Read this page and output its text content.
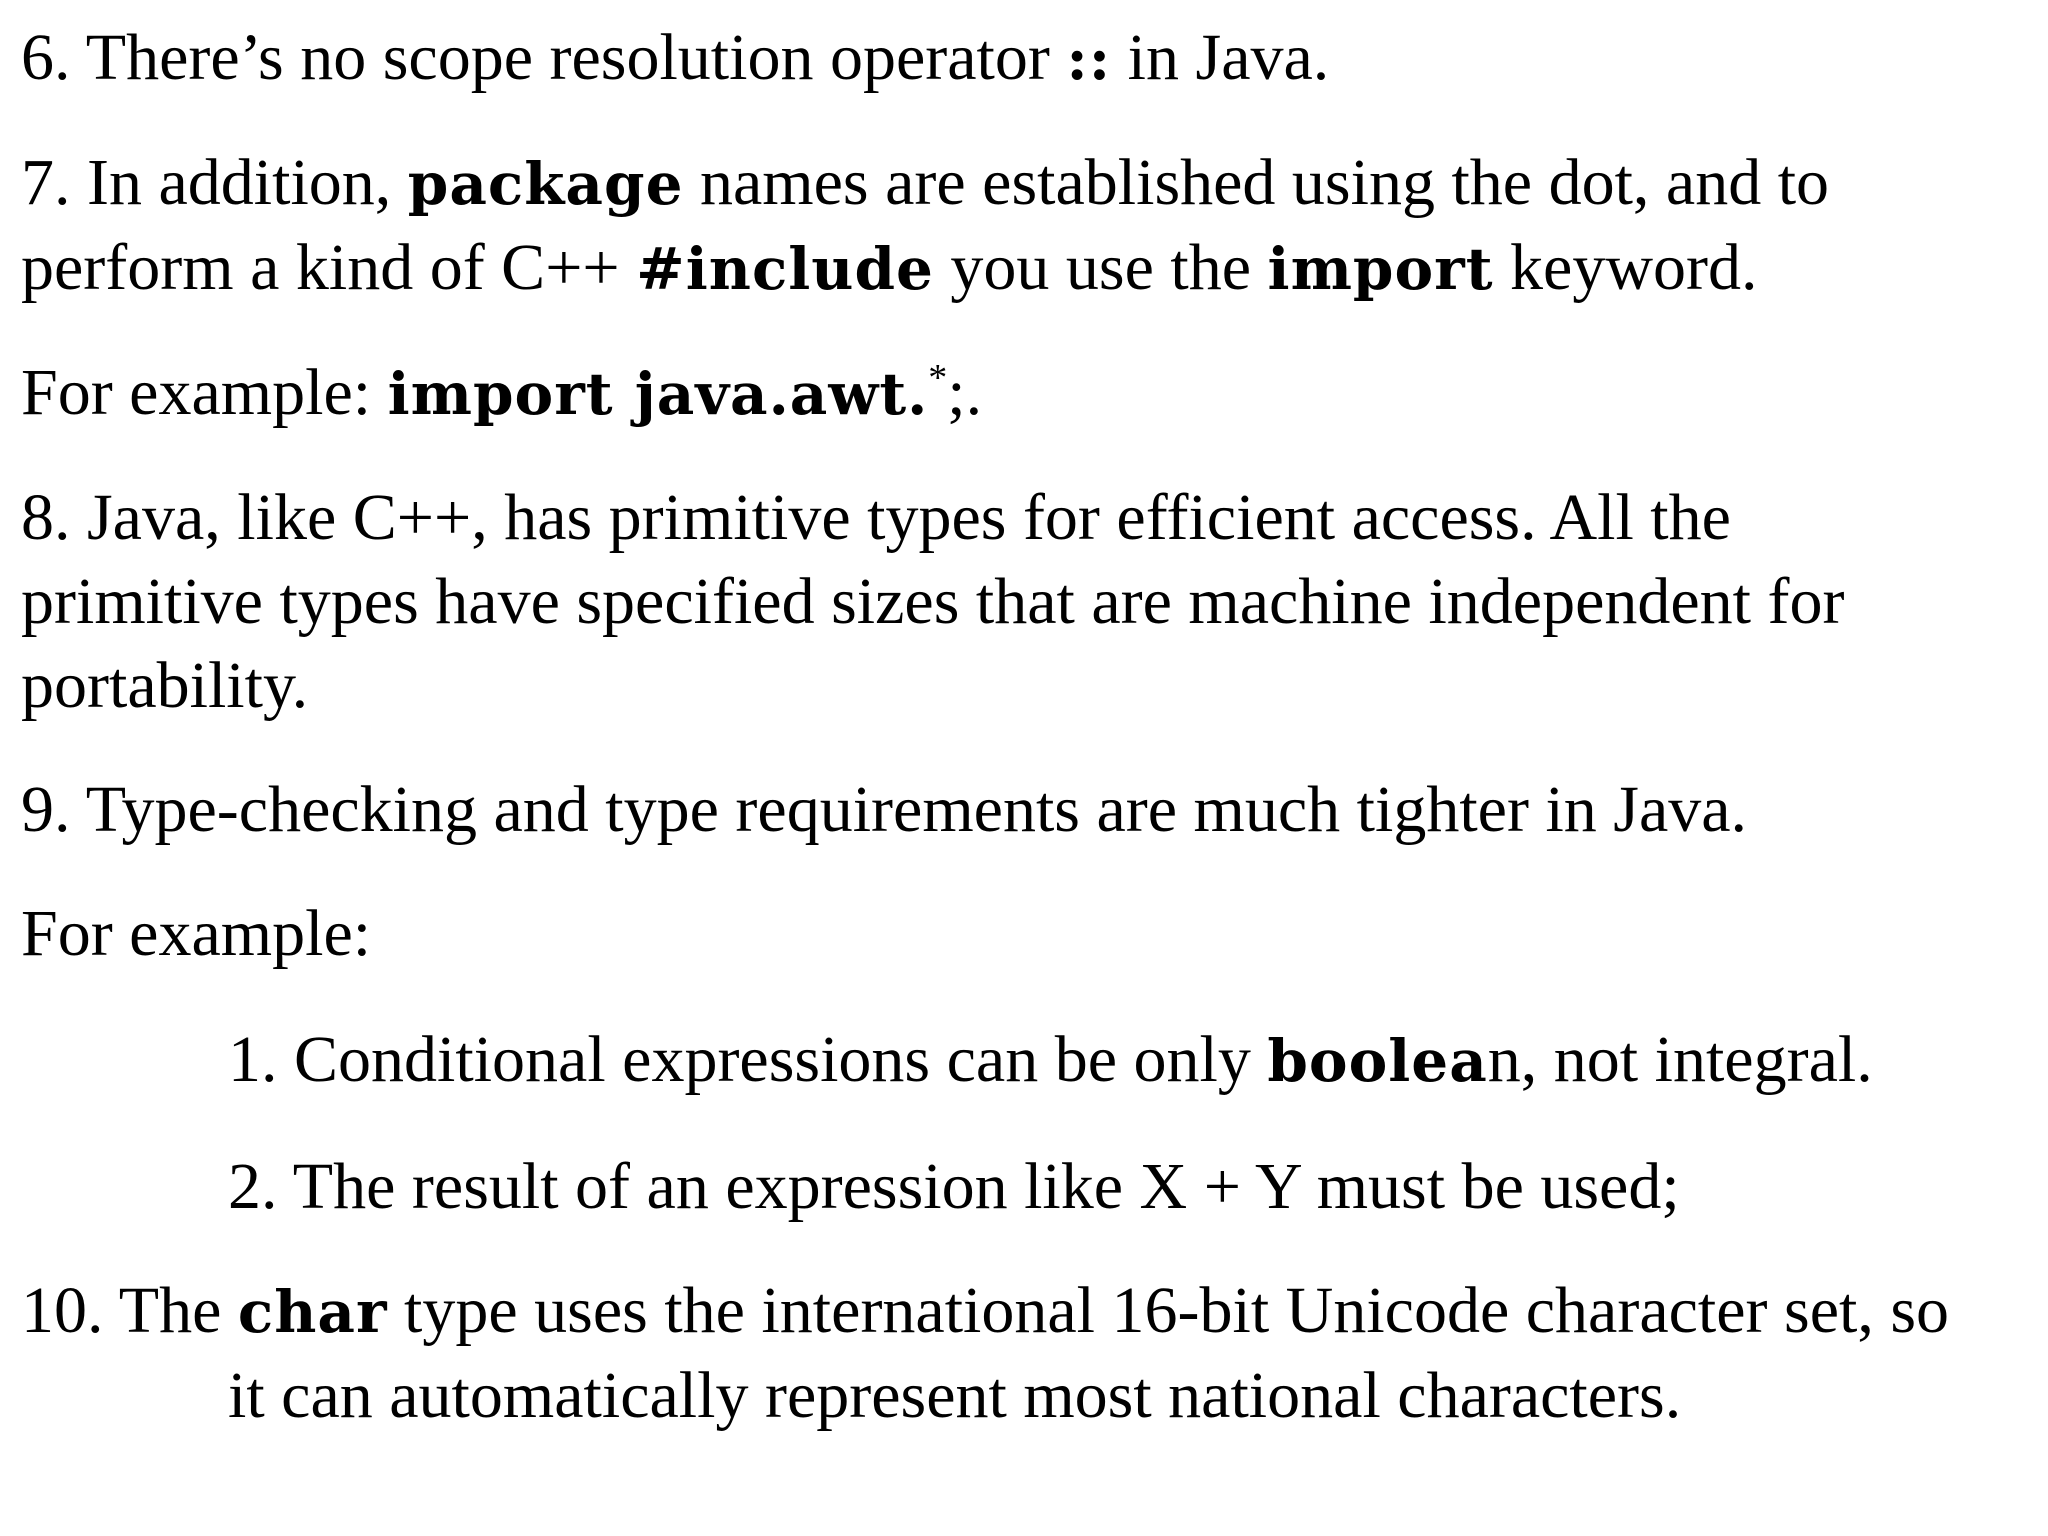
6. There’s no scope resolution operator :: in Java.

7. In addition, package names are established using the dot, and to
perform a kind of C++ #include you use the import keyword.

For example: import java.awt.*;.

8. Java, like C++, has primitive types for efficient access. All the
primitive types have specified sizes that are machine independent for
portability.

9. Type-checking and type requirements are much tighter in Java.

For example:

1. Conditional expressions can be only boolean, not integral.

2. The result of an expression like X + Y must be used;

10. The char type uses the international 16-bit Unicode character set, so
it can automatically represent most national characters.
